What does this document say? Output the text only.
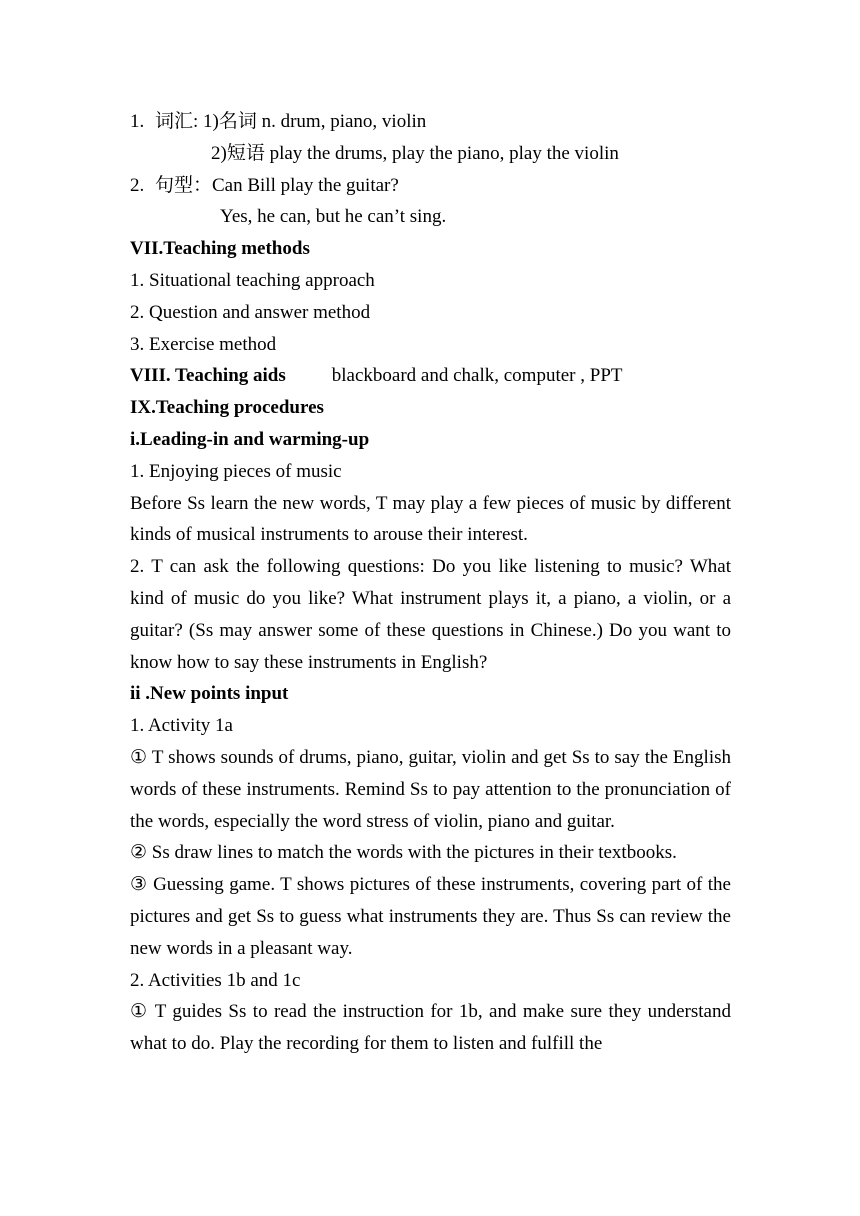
1. 词汇: 1)名词 n. drum, piano, violin

2)短语 play the drums, play the piano, play the violin

2. 句型：Can Bill play the guitar?

Yes, he can, but he can’t sing.

VII.Teaching methods

1. Situational teaching approach

2. Question and answer method

3. Exercise method

VIII. Teaching aids blackboard and chalk, computer , PPT

IX.Teaching procedures

i.Leading-in and warming-up

1. Enjoying pieces of music

Before Ss learn the new words, T may play a few pieces of music by different kinds of musical instruments to arouse their interest.

2. T can ask the following questions: Do you like listening to music? What kind of music do you like? What instrument plays it, a piano, a violin, or a guitar? (Ss may answer some of these questions in Chinese.) Do you want to know how to say these instruments in English?

ii .New points input

1. Activity 1a

① T shows sounds of drums, piano, guitar, violin and get Ss to say the English words of these instruments. Remind Ss to pay attention to the pronunciation of the words, especially the word stress of violin, piano and guitar.

② Ss draw lines to match the words with the pictures in their textbooks.

③ Guessing game. T shows pictures of these instruments, covering part of the pictures and get Ss to guess what instruments they are. Thus Ss can review the new words in a pleasant way.

2. Activities 1b and 1c

① T guides Ss to read the instruction for 1b, and make sure they understand what to do. Play the recording for them to listen and fulfill the
